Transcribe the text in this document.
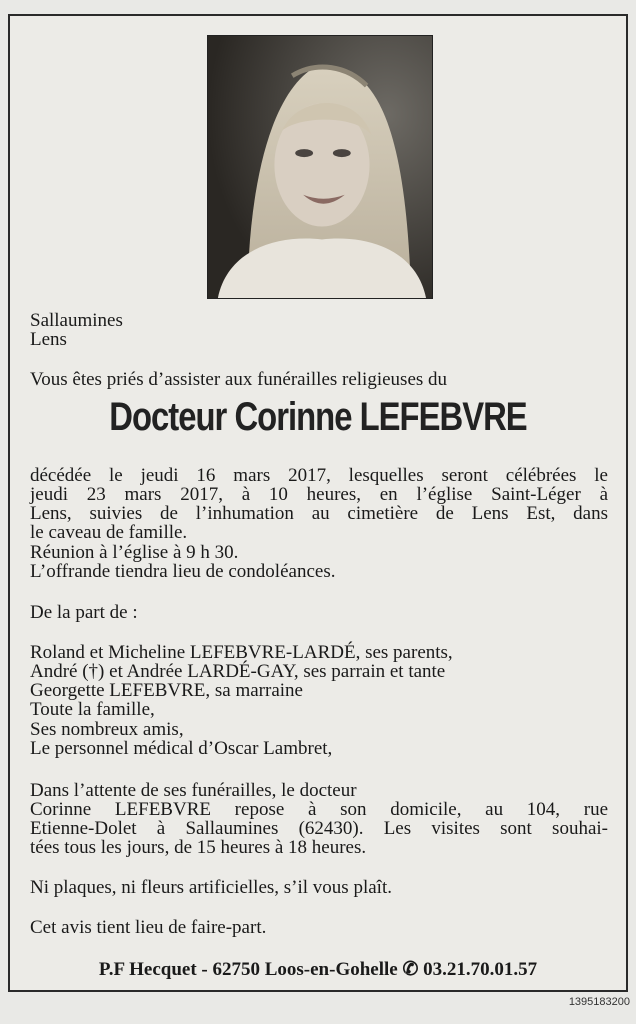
Sallaumines

Lens

Vous êtes priés d’assister aux funérailles religieuses du

Docteur Corinne LEFEBVRE

décédée le jeudi 16 mars 2017, lesquelles seront célébrées le

jeudi 23 mars 2017, à 10 heures, en l’église Saint-Léger à

Lens, suivies de l’inhumation au cimetière de Lens Est, dans

le caveau de famille.

Réunion à l’église à 9 h 30.

L’offrande tiendra lieu de condoléances.

De la part de :

Roland et Micheline LEFEBVRE-LARDÉ, ses parents,

André (†) et Andrée LARDÉ-GAY, ses parrain et tante

Georgette LEFEBVRE, sa marraine

Toute la famille,

Ses nombreux amis,

Le personnel médical d’Oscar Lambret,

Dans l’attente de ses funérailles, le docteur

Corinne LEFEBVRE repose à son domicile, au 104, rue

Etienne-Dolet à Sallaumines (62430). Les visites sont souhai-

tées tous les jours, de 15 heures à 18 heures.

Ni plaques, ni fleurs artificielles, s’il vous plaît.

Cet avis tient lieu de faire-part.

P.F Hecquet - 62750 Loos-en-Gohelle ✆ 03.21.70.01.57
1395183200
